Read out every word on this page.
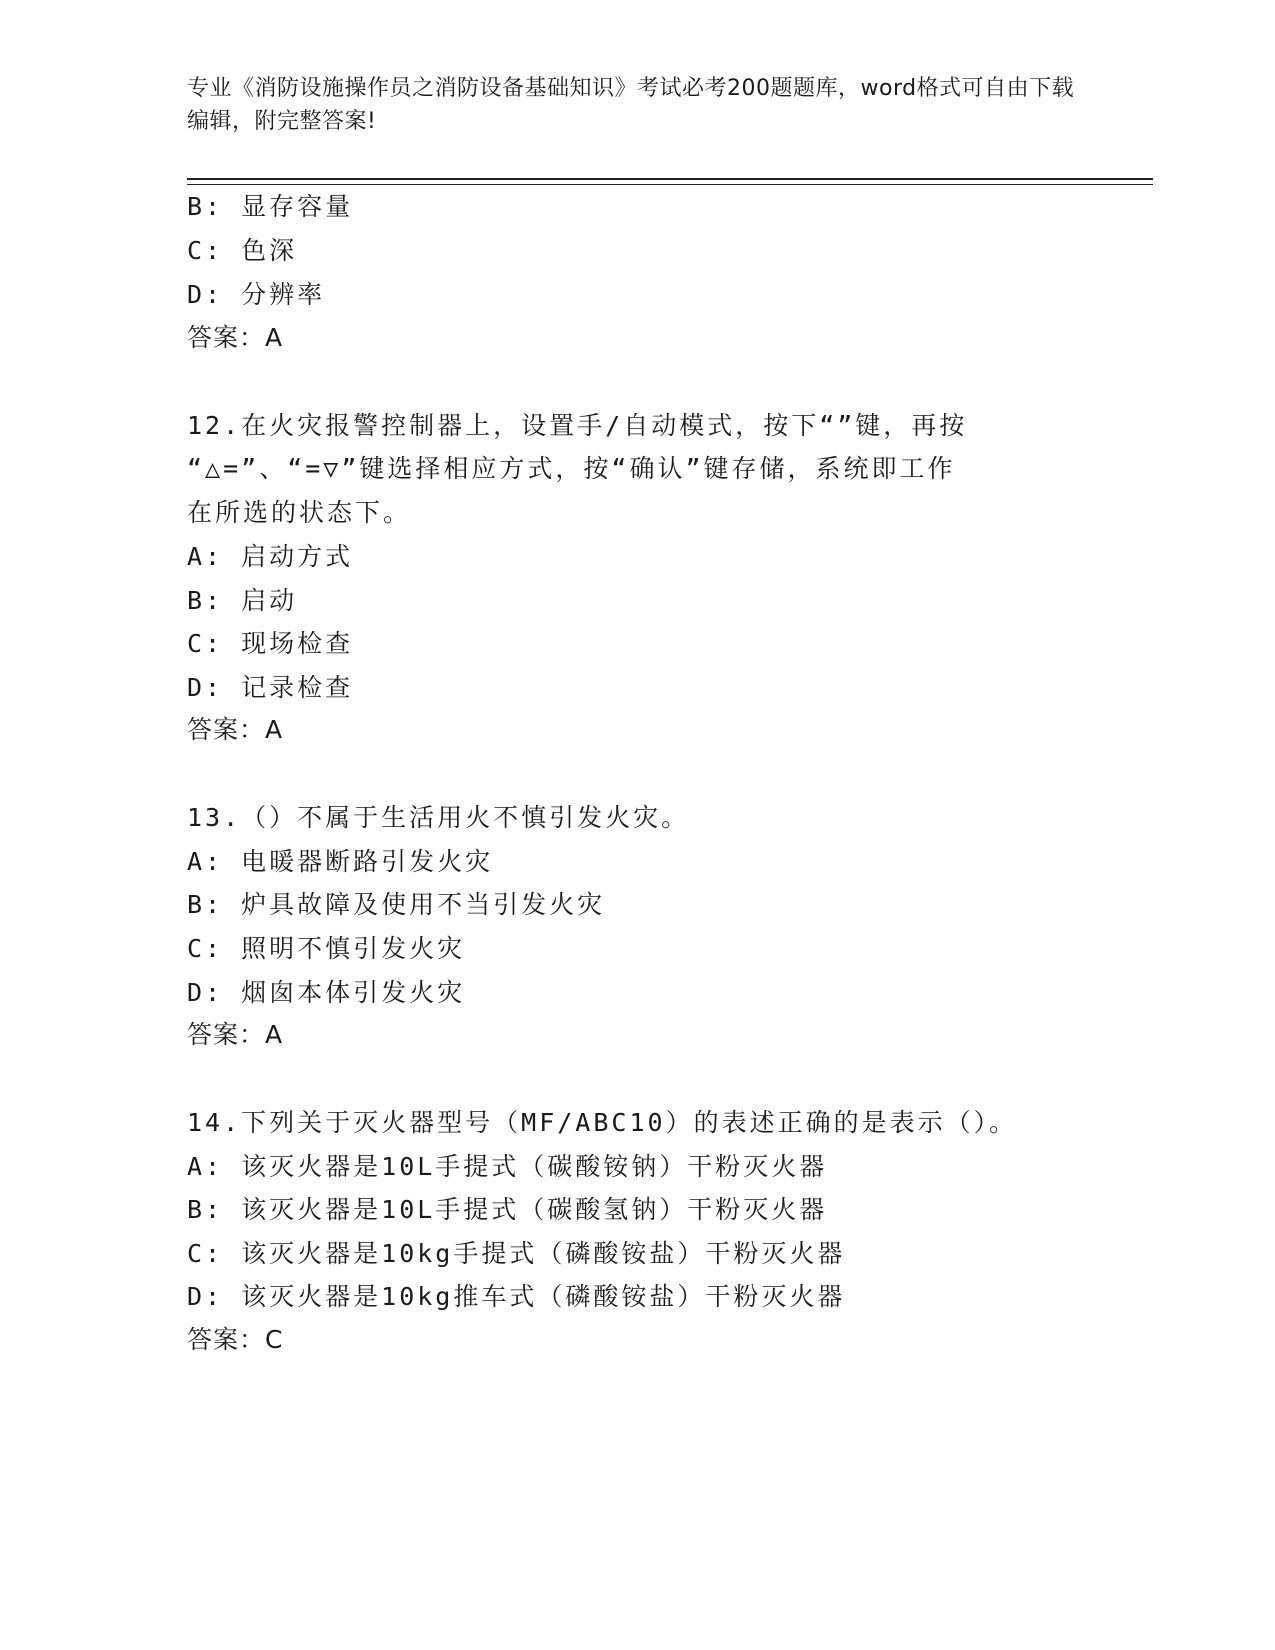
专业《消防设施操作员之消防设备基础知识》考试必考200题题库，word格式可自由下载编辑，附完整答案!

B: 显存容量
C: 色深
D: 分辨率
答案：A
12.在火灾报警控制器上，设置手/自动模式，按下“”键，再按
“△=”、“=▽”键选择相应方式，按“确认”键存储，系统即工作
在所选的状态下。
A: 启动方式
B: 启动
C: 现场检查
D: 记录检查
答案：A
13.（）不属于生活用火不慎引发火灾。
A: 电暖器断路引发火灾
B: 炉具故障及使用不当引发火灾
C: 照明不慎引发火灾
D: 烟囱本体引发火灾
答案：A
14.下列关于灭火器型号（MF/ABC10）的表述正确的是表示（）。
A: 该灭火器是10L手提式（碳酸铵钠）干粉灭火器
B: 该灭火器是10L手提式（碳酸氢钠）干粉灭火器
C: 该灭火器是10kg手提式（磷酸铵盐）干粉灭火器
D: 该灭火器是10kg推车式（磷酸铵盐）干粉灭火器
答案：C
